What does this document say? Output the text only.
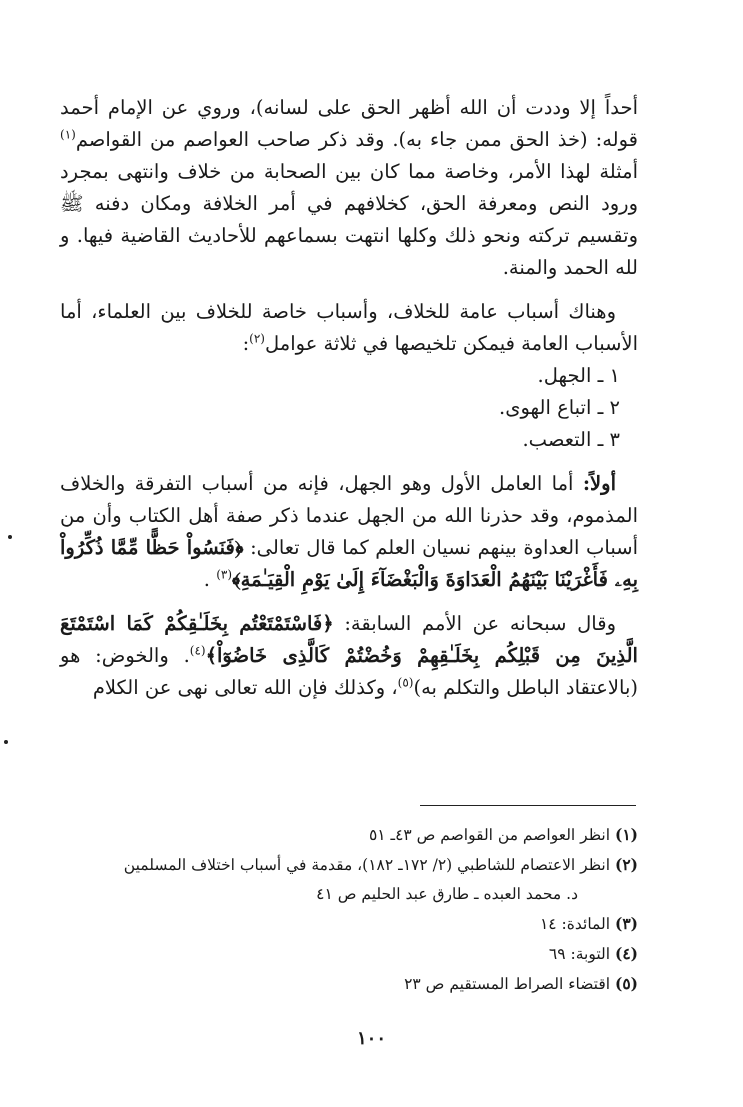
أحداً إلا وددت أن الله أظهر الحق على لسانه)، وروي عن الإمام أحمد قوله: (خذ الحق ممن جاء به). وقد ذكر صاحب العواصم من القواصم$^{(١)}$ أمثلة لهذا الأمر، وخاصة مما كان بين الصحابة من خلاف وانتهى بمجرد ورود النص ومعرفة الحق، كخلافهم في أمر الخلافة ومكان دفنه ﷺ وتقسيم تركته ونحو ذلك وكلها انتهت بسماعهم للأحاديث القاضية فيها. و لله الحمد والمنة.

وهناك أسباب عامة للخلاف، وأسباب خاصة للخلاف بين العلماء، أما الأسباب العامة فيمكن تلخيصها في ثلاثة عوامل$^{(٢)}$:

١ ـ الجهل.

٢ ـ اتباع الهوى.

٣ ـ التعصب.

أولاً: أما العامل الأول وهو الجهل، فإنه من أسباب التفرقة والخلاف المذموم، وقد حذرنا الله من الجهل عندما ذكر صفة أهل الكتاب وأن من أسباب العداوة بينهم نسيان العلم كما قال تعالى: ﴿فَنَسُواْ حَظًّا مِّمَّا ذُكِّرُواْ بِهِۦ فَأَغْرَيْنَا بَيْنَهُمُ الْعَدَاوَةَ وَالْبَغْضَآءَ إِلَىٰ يَوْمِ الْقِيَـٰمَةِ﴾$^{(٣)}$ .

وقال سبحانه عن الأمم السابقة: ﴿فَاسْتَمْتَعْتُم بِخَلَـٰقِكُمْ كَمَا اسْتَمْتَعَ الَّذِينَ مِن قَبْلِكُم بِخَلَـٰقِهِمْ وَخُضْتُمْ كَالَّذِى خَاضُوٓاْ﴾$^{(٤)}$. والخوض: هو (بالاعتقاد الباطل والتكلم به)$^{(٥)}$، وكذلك فإن الله تعالى نهى عن الكلام

(١) انظر العواصم من القواصم ص ٤٣ـ ٥١

(٢) انظر الاعتصام للشاطبي (٢/ ١٧٢ـ ١٨٢)، مقدمة في أسباب اختلاف المسلمين

د. محمد العبده ـ طارق عبد الحليم ص ٤١

(٣) المائدة: ١٤

(٤) التوبة: ٦٩

(٥) اقتضاء الصراط المستقيم ص ٢٣

١٠٠
